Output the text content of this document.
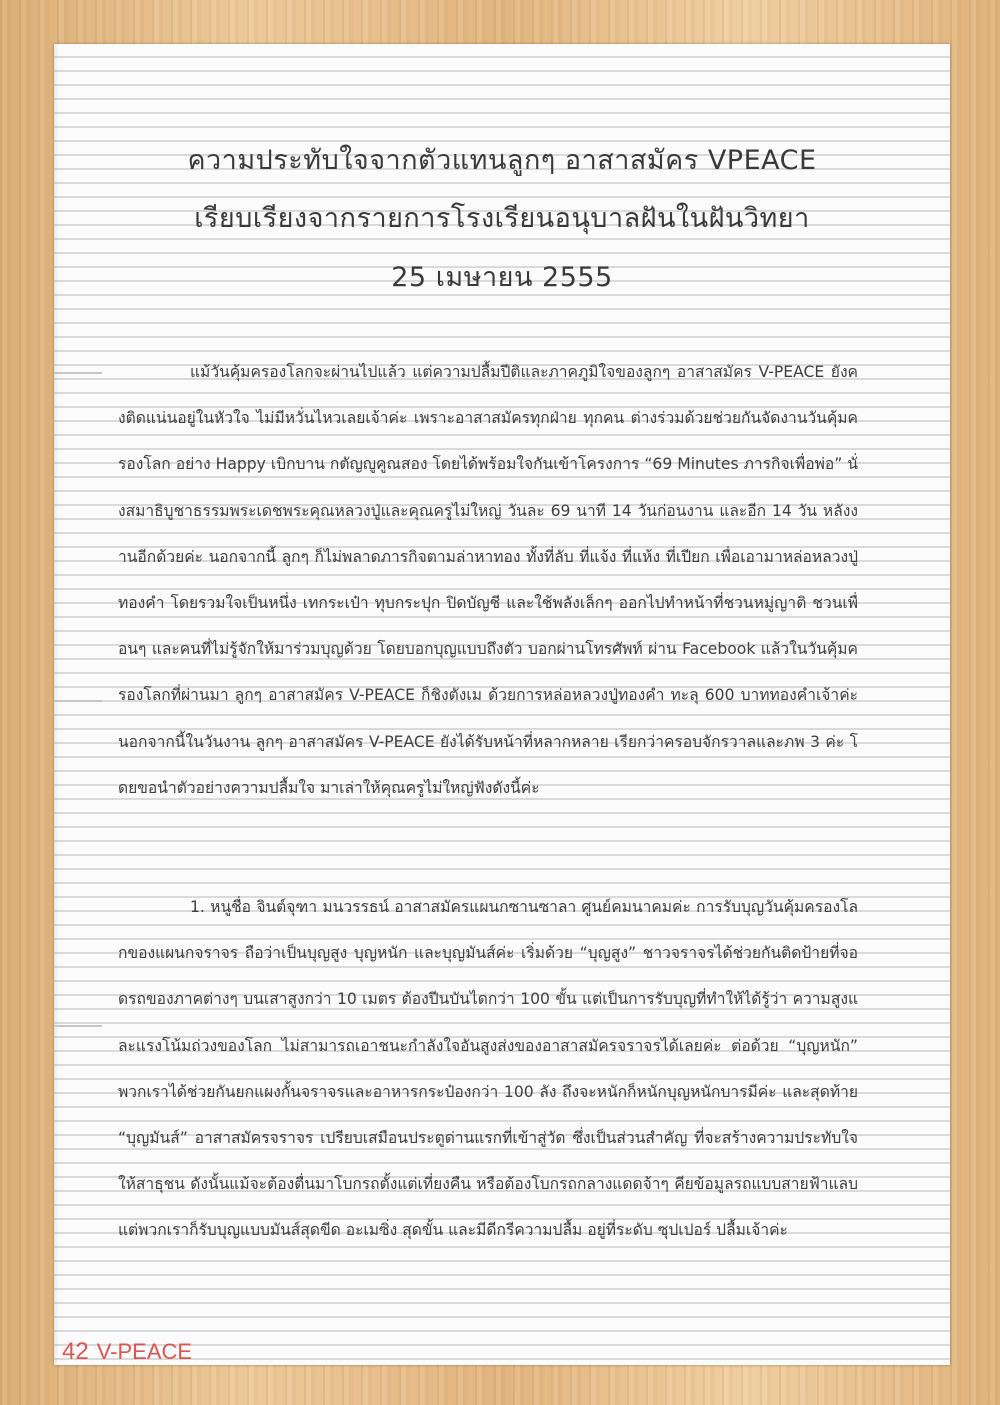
ความประทับใจจากตัวแทนลูกๆ อาสาสมัคร VPEACE
เรียบเรียงจากรายการโรงเรียนอนุบาลฝันในฝันวิทยา
25 เมษายน 2555

แม้วันคุ้มครองโลกจะผ่านไปแล้ว แต่ความปลื้มปีติและภาคภูมิใจของลูกๆ อาสาสมัคร V-PEACE ยังคงติดแน่นอยู่ในหัวใจ ไม่มีหวั่นไหวเลยเจ้าค่ะ เพราะอาสาสมัครทุกฝ่าย ทุกคน ต่างร่วมด้วยช่วยกันจัดงานวันคุ้มครองโลก อย่าง Happy เบิกบาน กตัญญูคูณสอง โดยได้พร้อมใจกันเข้าโครงการ “69 Minutes ภารกิจเพื่อพ่อ” นั่งสมาธิบูชาธรรมพระเดชพระคุณหลวงปู่และคุณครูไม่ใหญ่ วันละ 69 นาที 14 วันก่อนงาน และอีก 14 วัน หลังงานอีกด้วยค่ะ นอกจากนี้ ลูกๆ ก็ไม่พลาดภารกิจตามล่าหาทอง ทั้งที่ลับ ที่แจ้ง ที่แห้ง ที่เปียก เพื่อเอามาหล่อหลวงปู่ทองคำ โดยรวมใจเป็นหนึ่ง เทกระเป๋า ทุบกระปุก ปิดบัญชี และใช้พลังเล็กๆ ออกไปทำหน้าที่ชวนหมู่ญาติ ชวนเพื่อนๆ และคนที่ไม่รู้จักให้มาร่วมบุญด้วย โดยบอกบุญแบบถึงตัว บอกผ่านโทรศัพท์ ผ่าน Facebook แล้วในวันคุ้มครองโลกที่ผ่านมา ลูกๆ อาสาสมัคร V-PEACE ก็ชิงตังเม ด้วยการหล่อหลวงปู่ทองคำ ทะลุ 600 บาททองคำเจ้าค่ะ นอกจากนี้ในวันงาน ลูกๆ อาสาสมัคร V-PEACE ยังได้รับหน้าที่หลากหลาย เรียกว่าครอบจักรวาลและภพ 3 ค่ะ โดยขอนำตัวอย่างความปลื้มใจ มาเล่าให้คุณครูไม่ใหญ่ฟังดังนี้ค่ะ

1. หนูชื่อ จินต์จุฑา มนวรรธน์ อาสาสมัครแผนกซานซาลา ศูนย์คมนาคมค่ะ การรับบุญวันคุ้มครองโลกของแผนกจราจร ถือว่าเป็นบุญสูง บุญหนัก และบุญมันส์ค่ะ เริ่มด้วย “บุญสูง” ชาวจราจรได้ช่วยกันติดป้ายที่จอดรถของภาคต่างๆ บนเสาสูงกว่า 10 เมตร ต้องปีนบันไดกว่า 100 ขั้น แต่เป็นการรับบุญที่ทำให้ได้รู้ว่า ความสูงและแรงโน้มถ่วงของโลก ไม่สามารถเอาชนะกำลังใจอันสูงส่งของอาสาสมัครจราจรได้เลยค่ะ ต่อด้วย “บุญหนัก” พวกเราได้ช่วยกันยกแผงกั้นจราจรและอาหารกระป๋องกว่า 100 ลัง ถึงจะหนักก็หนักบุญหนักบารมีค่ะ และสุดท้าย “บุญมันส์” อาสาสมัครจราจร เปรียบเสมือนประตูด่านแรกที่เข้าสู่วัด ซึ่งเป็นส่วนสำคัญ ที่จะสร้างความประทับใจให้สาธุชน ดังนั้นแม้จะต้องตื่นมาโบกรถตั้งแต่เที่ยงคืน หรือต้องโบกรถกลางแดดจ้าๆ คียข้อมูลรถแบบสายฟ้าแลบ แต่พวกเราก็รับบุญแบบมันส์สุดขีด อะเมซิ่ง สุดขั้น และมีดีกรีความปลื้ม อยู่ที่ระดับ ซุปเปอร์ ปลื้มเจ้าค่ะ

42 V-PEACE
